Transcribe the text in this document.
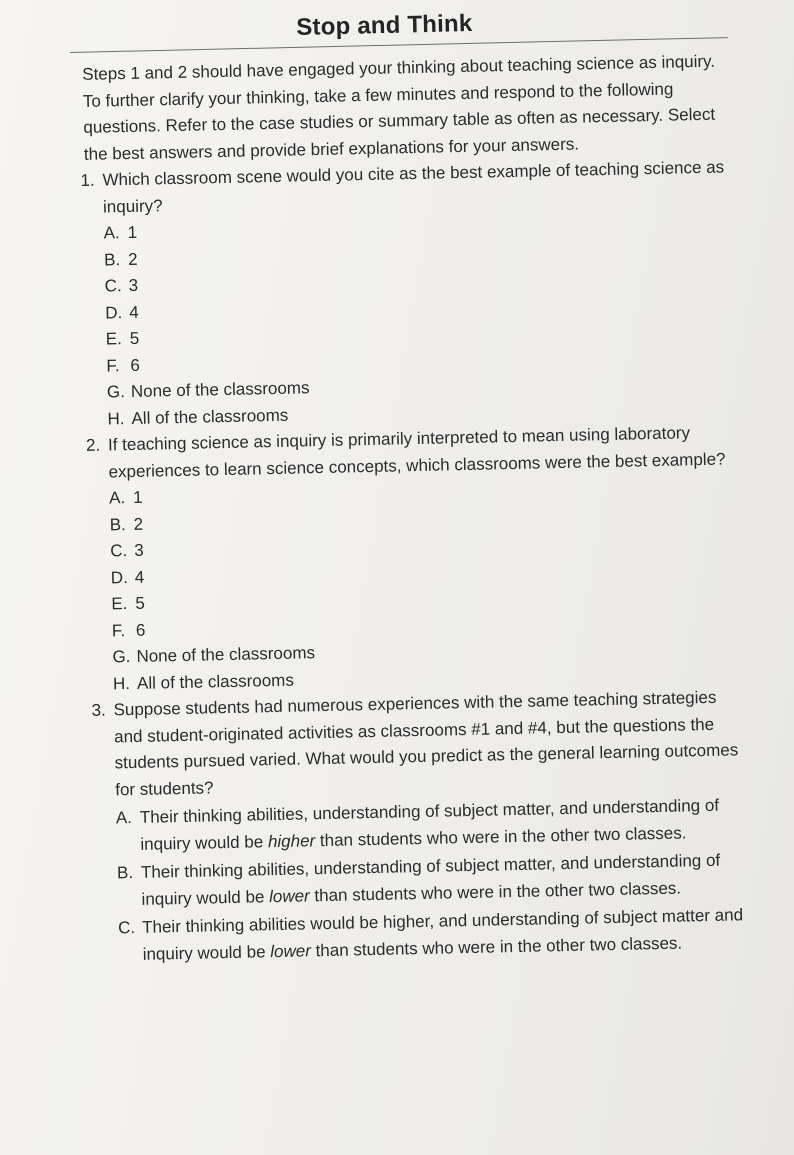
Stop and Think

Steps 1 and 2 should have engaged your thinking about teaching science as inquiry. To further clarify your thinking, take a few minutes and respond to the following questions. Refer to the case studies or summary table as often as necessary. Select the best answers and provide brief explanations for your answers.

1. Which classroom scene would you cite as the best example of teaching science as inquiry?
A. 1
B. 2
C. 3
D. 4
E. 5
F. 6
G. None of the classrooms
H. All of the classrooms
2. If teaching science as inquiry is primarily interpreted to mean using laboratory experiences to learn science concepts, which classrooms were the best example?
A. 1
B. 2
C. 3
D. 4
E. 5
F. 6
G. None of the classrooms
H. All of the classrooms
3. Suppose students had numerous experiences with the same teaching strategies and student-originated activities as classrooms #1 and #4, but the questions the students pursued varied. What would you predict as the general learning outcomes for students?
A. Their thinking abilities, understanding of subject matter, and understanding of inquiry would be higher than students who were in the other two classes.
B. Their thinking abilities, understanding of subject matter, and understanding of inquiry would be lower than students who were in the other two classes.
C. Their thinking abilities would be higher, and understanding of subject matter and inquiry would be lower than students who were in the other two classes.
